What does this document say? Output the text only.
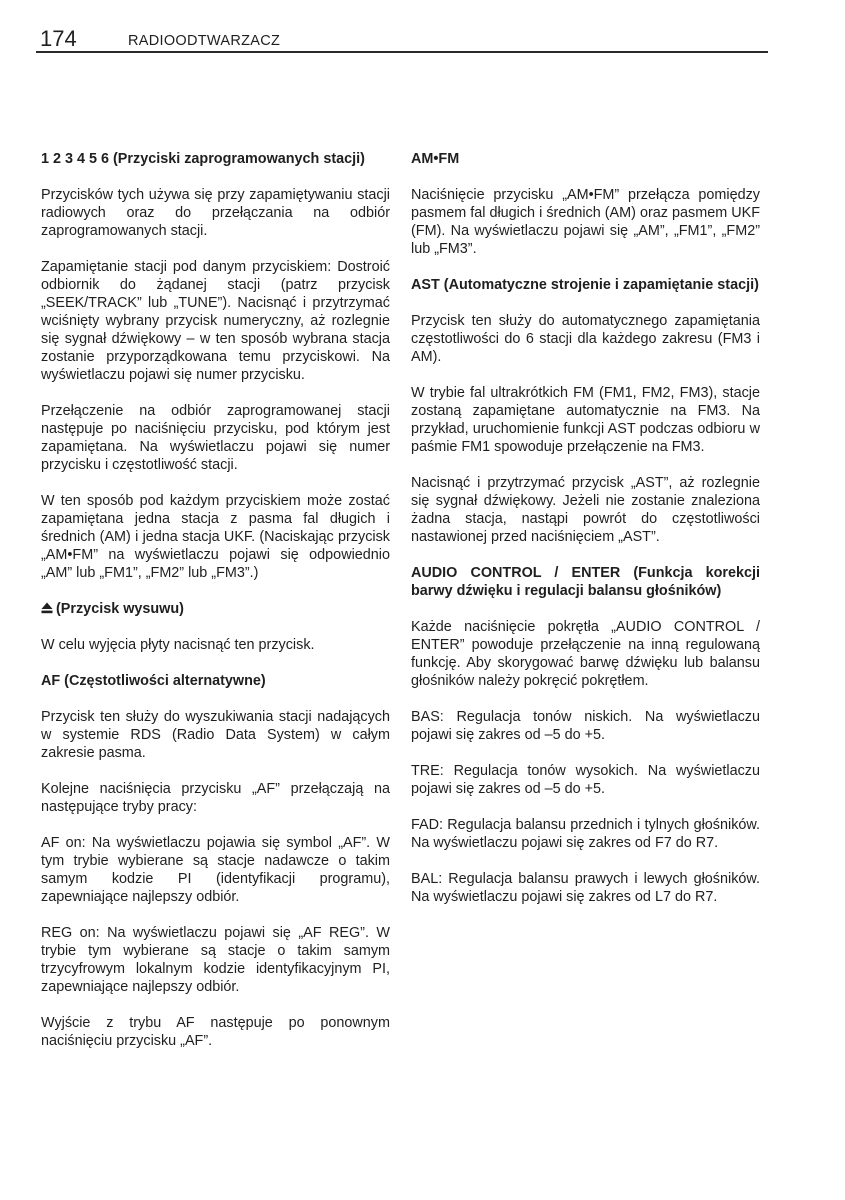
174	RADIOODTWARZACZ

1 2 3 4 5 6 (Przyciski zaprogramowanych stacji)

Przycisków tych używa się przy zapamiętywaniu stacji radiowych oraz do przełączania na odbiór zaprogramowanych stacji.

Zapamiętanie stacji pod danym przyciskiem: Dostroić odbiornik do żądanej stacji (patrz przycisk „SEEK/TRACK” lub „TUNE”). Nacisnąć i przytrzymać wciśnięty wybrany przycisk numeryczny, aż rozlegnie się sygnał dźwiękowy – w ten sposób wybrana stacja zostanie przyporządkowana temu przyciskowi. Na wyświetlaczu pojawi się numer przycisku.

Przełączenie na odbiór zaprogramowanej stacji następuje po naciśnięciu przycisku, pod którym jest zapamiętana. Na wyświetlaczu pojawi się numer przycisku i częstotliwość stacji.

W ten sposób pod każdym przyciskiem może zostać zapamiętana jedna stacja z pasma fal długich i średnich (AM) i jedna stacja UKF. (Naciskając przycisk „AM•FM” na wyświetlaczu pojawi się odpowiednio „AM” lub „FM1”, „FM2” lub „FM3”.)

(Przycisk wysuwu)

W celu wyjęcia płyty nacisnąć ten przycisk.

AF (Częstotliwości alternatywne)

Przycisk ten służy do wyszukiwania stacji nadających w systemie RDS (Radio Data System) w całym zakresie pasma.

Kolejne naciśnięcia przycisku „AF” przełączają na następujące tryby pracy:

AF on: Na wyświetlaczu pojawia się symbol „AF”. W tym trybie wybierane są stacje nadawcze o takim samym kodzie PI (identyfikacji programu), zapewniające najlepszy odbiór.

REG on: Na wyświetlaczu pojawi się „AF REG”. W trybie tym wybierane są stacje o takim samym trzycyfrowym lokalnym kodzie identyfikacyjnym PI, zapewniające najlepszy odbiór.

Wyjście z trybu AF następuje po ponownym naciśnięciu przycisku „AF”.

AM•FM

Naciśnięcie przycisku „AM•FM” przełącza pomiędzy pasmem fal długich i średnich (AM) oraz pasmem UKF (FM). Na wyświetlaczu pojawi się „AM”, „FM1”, „FM2” lub „FM3”.

AST (Automatyczne strojenie i zapamiętanie stacji)

Przycisk ten służy do automatycznego zapamiętania częstotliwości do 6 stacji dla każdego zakresu (FM3 i AM).

W trybie fal ultrakrótkich FM (FM1, FM2, FM3), stacje zostaną zapamiętane automatycznie na FM3. Na przykład, uruchomienie funkcji AST podczas odbioru w paśmie FM1 spowoduje przełączenie na FM3.

Nacisnąć i przytrzymać przycisk „AST”, aż rozlegnie się sygnał dźwiękowy. Jeżeli nie zostanie znaleziona żadna stacja, nastąpi powrót do częstotliwości nastawionej przed naciśnięciem „AST”.

AUDIO CONTROL / ENTER (Funkcja korekcji barwy dźwięku i regulacji balansu głośników)

Każde naciśnięcie pokrętła „AUDIO CONTROL / ENTER” powoduje przełączenie na inną regulowaną funkcję. Aby skorygować barwę dźwięku lub balansu głośników należy pokręcić pokrętłem.

BAS: Regulacja tonów niskich. Na wyświetlaczu pojawi się zakres od –5 do +5.

TRE: Regulacja tonów wysokich. Na wyświetlaczu pojawi się zakres od –5 do +5.

FAD: Regulacja balansu przednich i tylnych głośników. Na wyświetlaczu pojawi się zakres od F7 do R7.

BAL: Regulacja balansu prawych i lewych głośników. Na wyświetlaczu pojawi się zakres od L7 do R7.
